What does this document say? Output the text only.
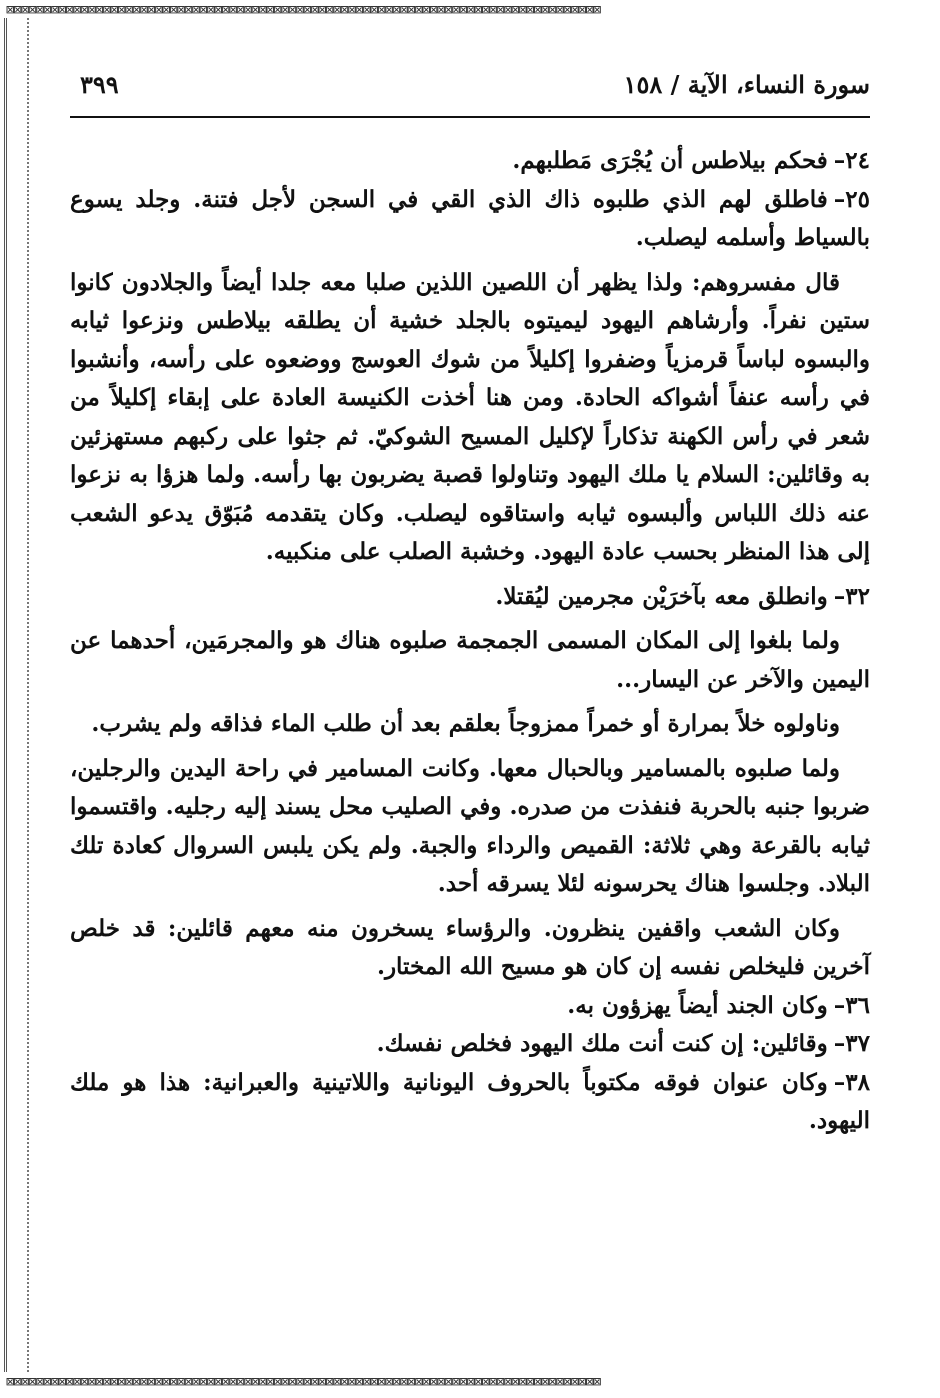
⊠⊠⊠⊠⊠⊠⊠⊠⊠⊠⊠⊠⊠⊠⊠⊠⊠⊠⊠⊠⊠⊠⊠⊠⊠⊠⊠⊠⊠⊠⊠⊠⊠⊠⊠⊠⊠⊠⊠⊠⊠⊠⊠⊠⊠⊠⊠⊠⊠⊠⊠⊠⊠⊠⊠⊠⊠⊠⊠⊠⊠⊠⊠⊠⊠⊠⊠⊠⊠⊠⊠⊠⊠⊠⊠⊠⊠⊠⊠⊠
⊠⊠⊠⊠⊠⊠⊠⊠⊠⊠⊠⊠⊠⊠⊠⊠⊠⊠⊠⊠⊠⊠⊠⊠⊠⊠⊠⊠⊠⊠⊠⊠⊠⊠⊠⊠⊠⊠⊠⊠⊠⊠⊠⊠⊠⊠⊠⊠⊠⊠⊠⊠⊠⊠⊠⊠⊠⊠⊠⊠⊠⊠⊠⊠⊠⊠⊠⊠⊠⊠⊠⊠⊠⊠⊠⊠⊠⊠⊠⊠
سورة النساء، الآية / ١٥٨
٣٩٩

٢٤–فحكم بيلاطس أن يُجْرَى مَطلبهم.

٢٥–فاطلق لهم الذي طلبوه ذاك الذي القي في السجن لأجل فتنة. وجلد يسوع بالسياط وأسلمه ليصلب.

قال مفسروهم: ولذا يظهر أن اللصين اللذين صلبا معه جلدا أيضاً والجلادون كانوا ستين نفراً. وأرشاهم اليهود ليميتوه بالجلد خشية أن يطلقه بيلاطس ونزعوا ثيابه والبسوه لباساً قرمزياً وضفروا إكليلاً من شوك العوسج ووضعوه على رأسه، وأنشبوا في رأسه عنفاً أشواكه الحادة. ومن هنا أخذت الكنيسة العادة على إبقاء إكليلاً من شعر في رأس الكهنة تذكاراً لإكليل المسيح الشوكيّ. ثم جثوا على ركبهم مستهزئين به وقائلين: السلام يا ملك اليهود وتناولوا قصبة يضربون بها رأسه. ولما هزؤا به نزعوا عنه ذلك اللباس وألبسوه ثيابه واستاقوه ليصلب. وكان يتقدمه مُبَوّق يدعو الشعب إلى هذا المنظر بحسب عادة اليهود. وخشبة الصلب على منكبيه.

٣٢–وانطلق معه بآخرَيْن مجرمين ليُقتلا.

ولما بلغوا إلى المكان المسمى الجمجمة صلبوه هناك هو والمجرمَين، أحدهما عن اليمين والآخر عن اليسار...

وناولوه خلاً بمرارة أو خمراً ممزوجاً بعلقم بعد أن طلب الماء فذاقه ولم يشرب.

ولما صلبوه بالمسامير وبالحبال معها. وكانت المسامير في راحة اليدين والرجلين، ضربوا جنبه بالحربة فنفذت من صدره. وفي الصليب محل يسند إليه رجليه. واقتسموا ثيابه بالقرعة وهي ثلاثة: القميص والرداء والجبة. ولم يكن يلبس السروال كعادة تلك البلاد. وجلسوا هناك يحرسونه لئلا يسرقه أحد.

وكان الشعب واقفين ينظرون. والرؤساء يسخرون منه معهم قائلين: قد خلص آخرين فليخلص نفسه إن كان هو مسيح الله المختار.

٣٦–وكان الجند أيضاً يهزؤون به.

٣٧–وقائلين: إن كنت أنت ملك اليهود فخلص نفسك.

٣٨–وكان عنوان فوقه مكتوباً بالحروف اليونانية واللاتينية والعبرانية: هذا هو ملك اليهود.
